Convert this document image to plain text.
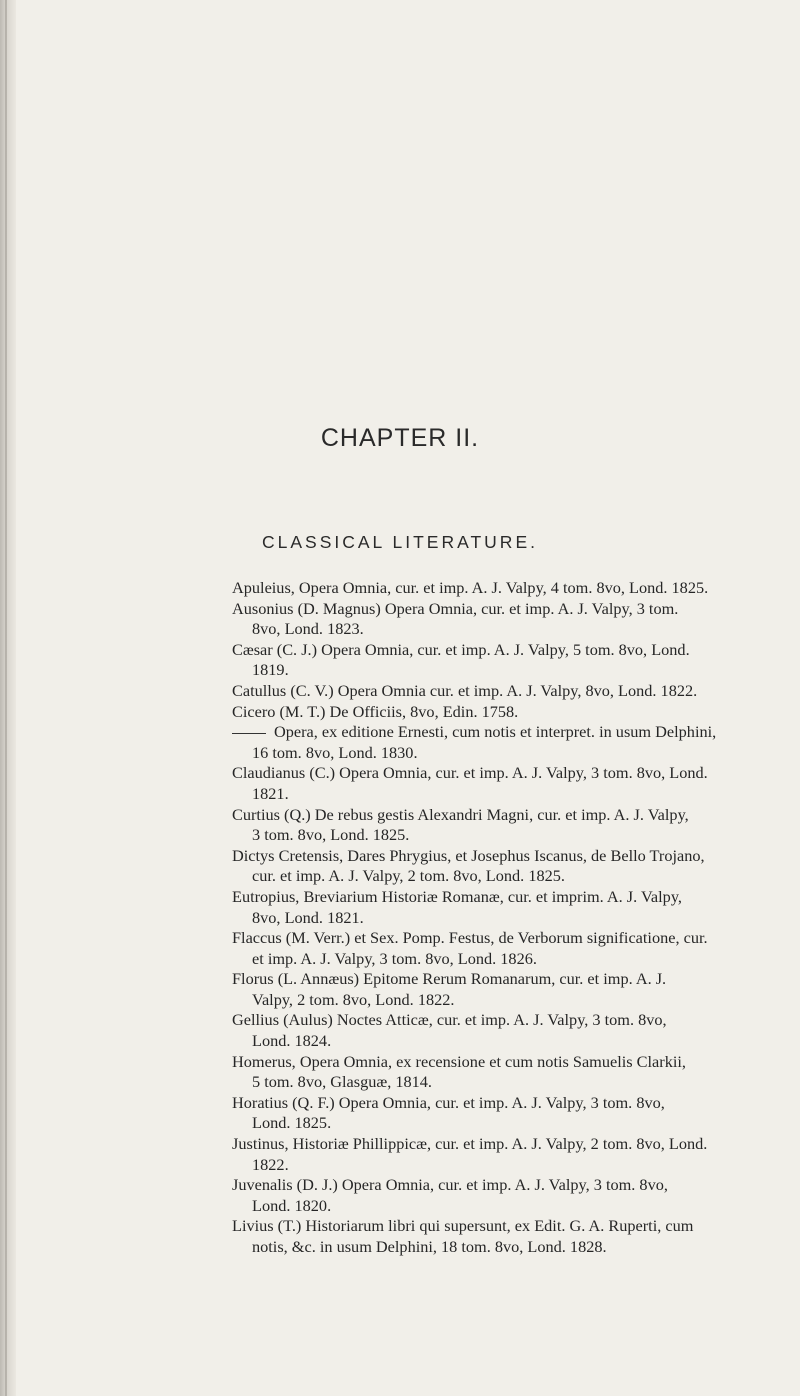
CHAPTER II.
CLASSICAL LITERATURE.
Apuleius, Opera Omnia, cur. et imp. A. J. Valpy, 4 tom. 8vo, Lond. 1825.
Ausonius (D. Magnus) Opera Omnia, cur. et imp. A. J. Valpy, 3 tom.
8vo, Lond. 1823.
Cæsar (C. J.) Opera Omnia, cur. et imp. A. J. Valpy, 5 tom. 8vo, Lond.
1819.
Catullus (C. V.) Opera Omnia cur. et imp. A. J. Valpy, 8vo, Lond. 1822.
Cicero (M. T.) De Officiis, 8vo, Edin. 1758.
Opera, ex editione Ernesti, cum notis et interpret. in usum Delphini,
16 tom. 8vo, Lond. 1830.
Claudianus (C.) Opera Omnia, cur. et imp. A. J. Valpy, 3 tom. 8vo, Lond.
1821.
Curtius (Q.) De rebus gestis Alexandri Magni, cur. et imp. A. J. Valpy,
3 tom. 8vo, Lond. 1825.
Dictys Cretensis, Dares Phrygius, et Josephus Iscanus, de Bello Trojano,
cur. et imp. A. J. Valpy, 2 tom. 8vo, Lond. 1825.
Eutropius, Breviarium Historiæ Romanæ, cur. et imprim. A. J. Valpy,
8vo, Lond. 1821.
Flaccus (M. Verr.) et Sex. Pomp. Festus, de Verborum significatione, cur.
et imp. A. J. Valpy, 3 tom. 8vo, Lond. 1826.
Florus (L. Annæus) Epitome Rerum Romanarum, cur. et imp. A. J.
Valpy, 2 tom. 8vo, Lond. 1822.
Gellius (Aulus) Noctes Atticæ, cur. et imp. A. J. Valpy, 3 tom. 8vo,
Lond. 1824.
Homerus, Opera Omnia, ex recensione et cum notis Samuelis Clarkii,
5 tom. 8vo, Glasguæ, 1814.
Horatius (Q. F.) Opera Omnia, cur. et imp. A. J. Valpy, 3 tom. 8vo,
Lond. 1825.
Justinus, Historiæ Phillippicæ, cur. et imp. A. J. Valpy, 2 tom. 8vo, Lond.
1822.
Juvenalis (D. J.) Opera Omnia, cur. et imp. A. J. Valpy, 3 tom. 8vo,
Lond. 1820.
Livius (T.) Historiarum libri qui supersunt, ex Edit. G. A. Ruperti, cum
notis, &c. in usum Delphini, 18 tom. 8vo, Lond. 1828.
